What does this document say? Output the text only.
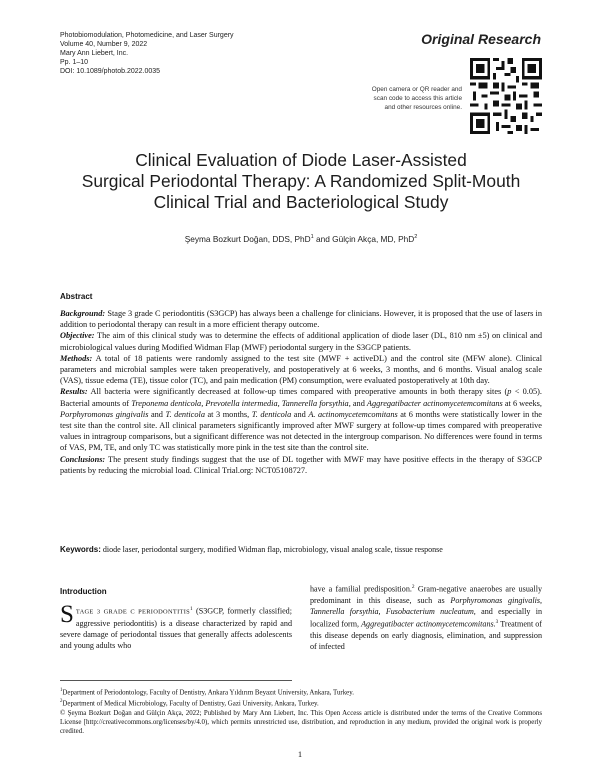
Photobiomodulation, Photomedicine, and Laser Surgery
Volume 40, Number 9, 2022
Mary Ann Liebert, Inc.
Pp. 1–10
DOI: 10.1089/photob.2022.0035
Original Research
Open camera or QR reader and
scan code to access this article
and other resources online.
Clinical Evaluation of Diode Laser-Assisted
Surgical Periodontal Therapy: A Randomized Split-Mouth
Clinical Trial and Bacteriological Study
Şeyma Bozkurt Doğan, DDS, PhD$^1$ and Gülçin Akça, MD, PhD$^2$
Abstract

Background: Stage 3 grade C periodontitis (S3GCP) has always been a challenge for clinicians. However, it is proposed that the use of lasers in addition to periodontal therapy can result in a more efficient therapy outcome.

Objective: The aim of this clinical study was to determine the effects of additional application of diode laser (DL, 810 nm ±5) on clinical and microbiological values during Modified Widman Flap (MWF) periodontal surgery in the S3GCP patients.

Methods: A total of 18 patients were randomly assigned to the test site (MWF + activeDL) and the control site (MFW alone). Clinical parameters and microbial samples were taken preoperatively, and postoperatively at 6 weeks, 3 months, and 6 months. Visual analog scale (VAS), tissue edema (TE), tissue color (TC), and pain medication (PM) consumption, were evaluated postoperatively at 10th day.

Results: All bacteria were significantly decreased at follow-up times compared with preoperative amounts in both therapy sites (p < 0.05). Bacterial amounts of Treponema denticola, Prevotella intermedia, Tannerella forsythia, and Aggregatibacter actinomycetemcomitans at 6 weeks, Porphyromonas gingivalis and T. denticola at 3 months, T. denticola and A. actinomycetemcomitans at 6 months were statistically lower in the test site than the control site. All clinical parameters significantly improved after MWF surgery at follow-up times compared with preoperative values in intragroup comparisons, but a significant difference was not detected in the intergroup comparison. No differences were found in terms of VAS, PM, TE, and only TC was statistically more pink in the test site than the control site.

Conclusions: The present study findings suggest that the use of DL together with MWF may have positive effects in the therapy of S3GCP patients by reducing the microbial load. Clinical Trial.org: NCT05108727.

Keywords: diode laser, periodontal surgery, modified Widman flap, microbiology, visual analog scale, tissue response
Introduction
STAGE 3 GRADE C PERIODONTITIS$^1$ (S3GCP, formerly classified; aggressive periodontitis) is a disease characterized by rapid and severe damage of periodontal tissues that generally affects adolescents and young adults who
have a familial predisposition.$^2$ Gram-negative anaerobes are usually predominant in this disease, such as Porphyromonas gingivalis, Tannerella forsythia, Fusobacterium nucleatum, and especially in localized form, Aggregatibacter actinomycetemcomitans.$^3$ Treatment of this disease depends on early diagnosis, elimination, and suppression of infected
$^1$Department of Periodontology, Faculty of Dentistry, Ankara Yıldırım Beyazıt University, Ankara, Turkey.
$^2$Department of Medical Microbiology, Faculty of Dentistry, Gazi University, Ankara, Turkey.
© Şeyma Bozkurt Doğan and Gülçin Akça, 2022; Published by Mary Ann Liebert, Inc. This Open Access article is distributed under the terms of the Creative Commons License [http://creativecommons.org/licenses/by/4.0), which permits unrestricted use, distribution, and reproduction in any medium, provided the original work is properly credited.
1
